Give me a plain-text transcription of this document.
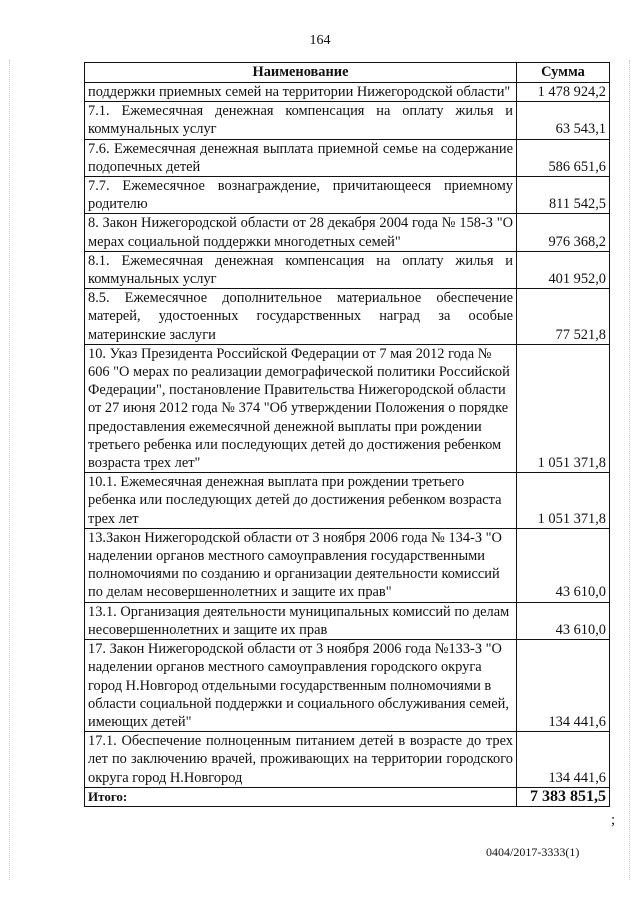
164
Наименование	Сумма
поддержки приемных семей на территории Нижегородской области"	1 478 924,2
7.1. Ежемесячная денежная компенсация на оплату жилья и коммунальных услуг	63 543,1
7.6. Ежемесячная денежная выплата приемной семье на содержание подопечных детей	586 651,6
7.7. Ежемесячное вознаграждение, причитающееся приемному родителю	811 542,5
8. Закон Нижегородской области от 28 декабря 2004 года № 158-З "О мерах социальной поддержки многодетных семей"	976 368,2
8.1. Ежемесячная денежная компенсация на оплату жилья и коммунальных услуг	401 952,0
8.5. Ежемесячное дополнительное материальное обеспечение матерей, удостоенных государственных наград за особые материнские заслуги	77 521,8
10. Указ Президента Российской Федерации от 7 мая 2012 года № 606 "О мерах по реализации демографической политики Российской Федерации", постановление Правительства Нижегородской области от 27 июня 2012 года № 374 "Об утверждении Положения о порядке предоставления ежемесячной денежной выплаты при рождении третьего ребенка или последующих детей до достижения ребенком возраста трех лет"	1 051 371,8
10.1. Ежемесячная денежная выплата при рождении третьего ребенка или последующих детей до достижения ребенком возраста трех лет	1 051 371,8
13.Закон Нижегородской области от 3 ноября 2006 года № 134-З "О наделении органов местного самоуправления государственными полномочиями по созданию и организации деятельности комиссий по делам несовершеннолетних и защите их прав"	43 610,0
13.1. Организация деятельности муниципальных комиссий по делам несовершеннолетних и защите их прав	43 610,0
17. Закон Нижегородской области от 3 ноября 2006 года №133-З "О наделении органов местного самоуправления городского округа город Н.Новгород отдельными государственным полномочиями в области социальной поддержки и социального обслуживания семей, имеющих детей"	134 441,6
17.1. Обеспечение полноценным питанием детей в возрасте до трех лет по заключению врачей, проживающих на территории городского округа город Н.Новгород	134 441,6
Итого:	7 383 851,5
;
0404/2017-3333(1)
